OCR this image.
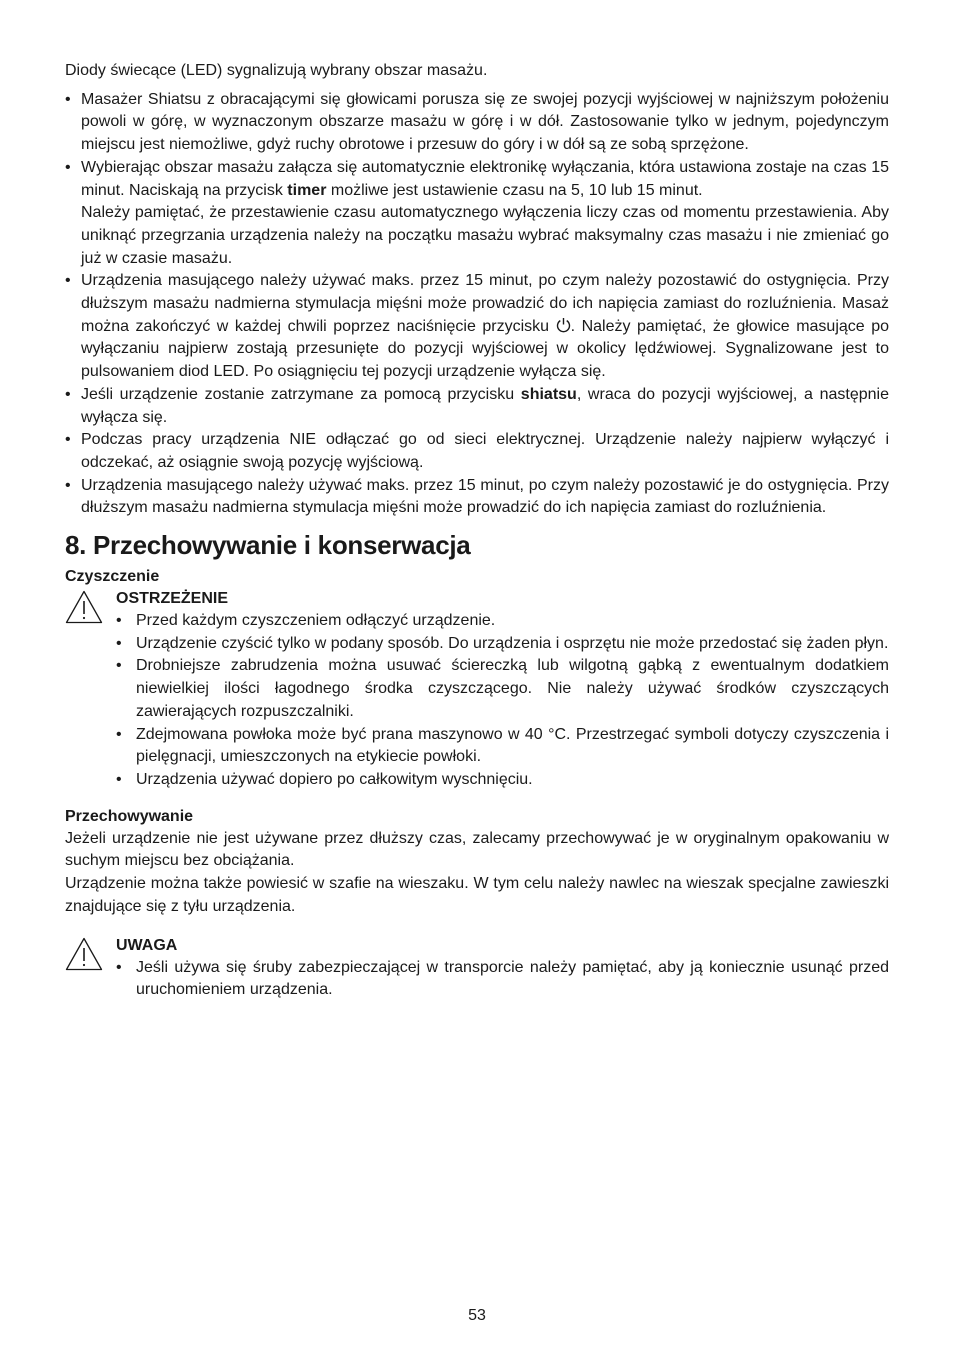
Diody świecące (LED) sygnalizują wybrany obszar masażu.

• Masażer Shiatsu z obracającymi się głowicami porusza się ze swojej pozycji wyjściowej w najniższym położeniu powoli w górę, w wyznaczonym obszarze masażu w górę i w dół. Zastosowanie tylko w jednym, pojedynczym miejscu jest niemożliwe, gdyż ruchy obrotowe i przesuw do góry i w dół są ze sobą sprzężone.
• Wybierając obszar masażu załącza się automatycznie elektronikę wyłączania, która ustawiona zostaje na czas 15 minut. Naciskają na przycisk timer możliwe jest ustawienie czasu na 5, 10 lub 15 minut.
Należy pamiętać, że przestawienie czasu automatycznego wyłączenia liczy czas od momentu przestawienia. Aby uniknąć przegrzania urządzenia należy na początku masażu wybrać maksymalny czas masażu i nie zmieniać go już w czasie masażu.
• Urządzenia masującego należy używać maks. przez 15 minut, po czym należy pozostawić do ostygnięcia. Przy dłuższym masażu nadmierna stymulacja mięśni może prowadzić do ich napięcia zamiast do rozluźnienia. Masaż można zakończyć w każdej chwili poprzez naciśnięcie przycisku . Należy pamiętać, że głowice masujące po wyłączaniu najpierw zostają przesunięte do pozycji wyjściowej w okolicy lędźwiowej. Sygnalizowane jest to pulsowaniem diod LED. Po osiągnięciu tej pozycji urządzenie wyłącza się.
• Jeśli urządzenie zostanie zatrzymane za pomocą przycisku shiatsu, wraca do pozycji wyjściowej, a następnie wyłącza się.
• Podczas pracy urządzenia NIE odłączać go od sieci elektrycznej. Urządzenie należy najpierw wyłączyć i odczekać, aż osiągnie swoją pozycję wyjściową.
• Urządzenia masującego należy używać maks. przez 15 minut, po czym należy pozostawić je do ostygnięcia. Przy dłuższym masażu nadmierna stymulacja mięśni może prowadzić do ich napięcia zamiast do rozluźnienia.
8. Przechowywanie i konserwacja
Czyszczenie
OSTRZEŻENIE
• Przed każdym czyszczeniem odłączyć urządzenie.
• Urządzenie czyścić tylko w podany sposób. Do urządzenia i osprzętu nie może przedostać się żaden płyn.
• Drobniejsze zabrudzenia można usuwać ściereczką lub wilgotną gąbką z ewentualnym dodatkiem niewielkiej ilości łagodnego środka czyszczącego. Nie należy używać środków czyszczących zawierających rozpuszczalniki.
• Zdejmowana powłoka może być prana maszynowo w 40 °C. Przestrzegać symboli dotyczy czyszczenia i pielęgnacji, umieszczonych na etykiecie powłoki.
• Urządzenia używać dopiero po całkowitym wyschnięciu.
Przechowywanie

Jeżeli urządzenie nie jest używane przez dłuższy czas, zalecamy przechowywać je w oryginalnym opakowaniu w suchym miejscu bez obciążania.

Urządzenie można także powiesić w szafie na wieszaku. W tym celu należy nawlec na wieszak specjalne zawieszki znajdujące się z tyłu urządzenia.

UWAGA
• Jeśli używa się śruby zabezpieczającej w transporcie należy pamiętać, aby ją koniecznie usunąć przed uruchomieniem urządzenia.
53
